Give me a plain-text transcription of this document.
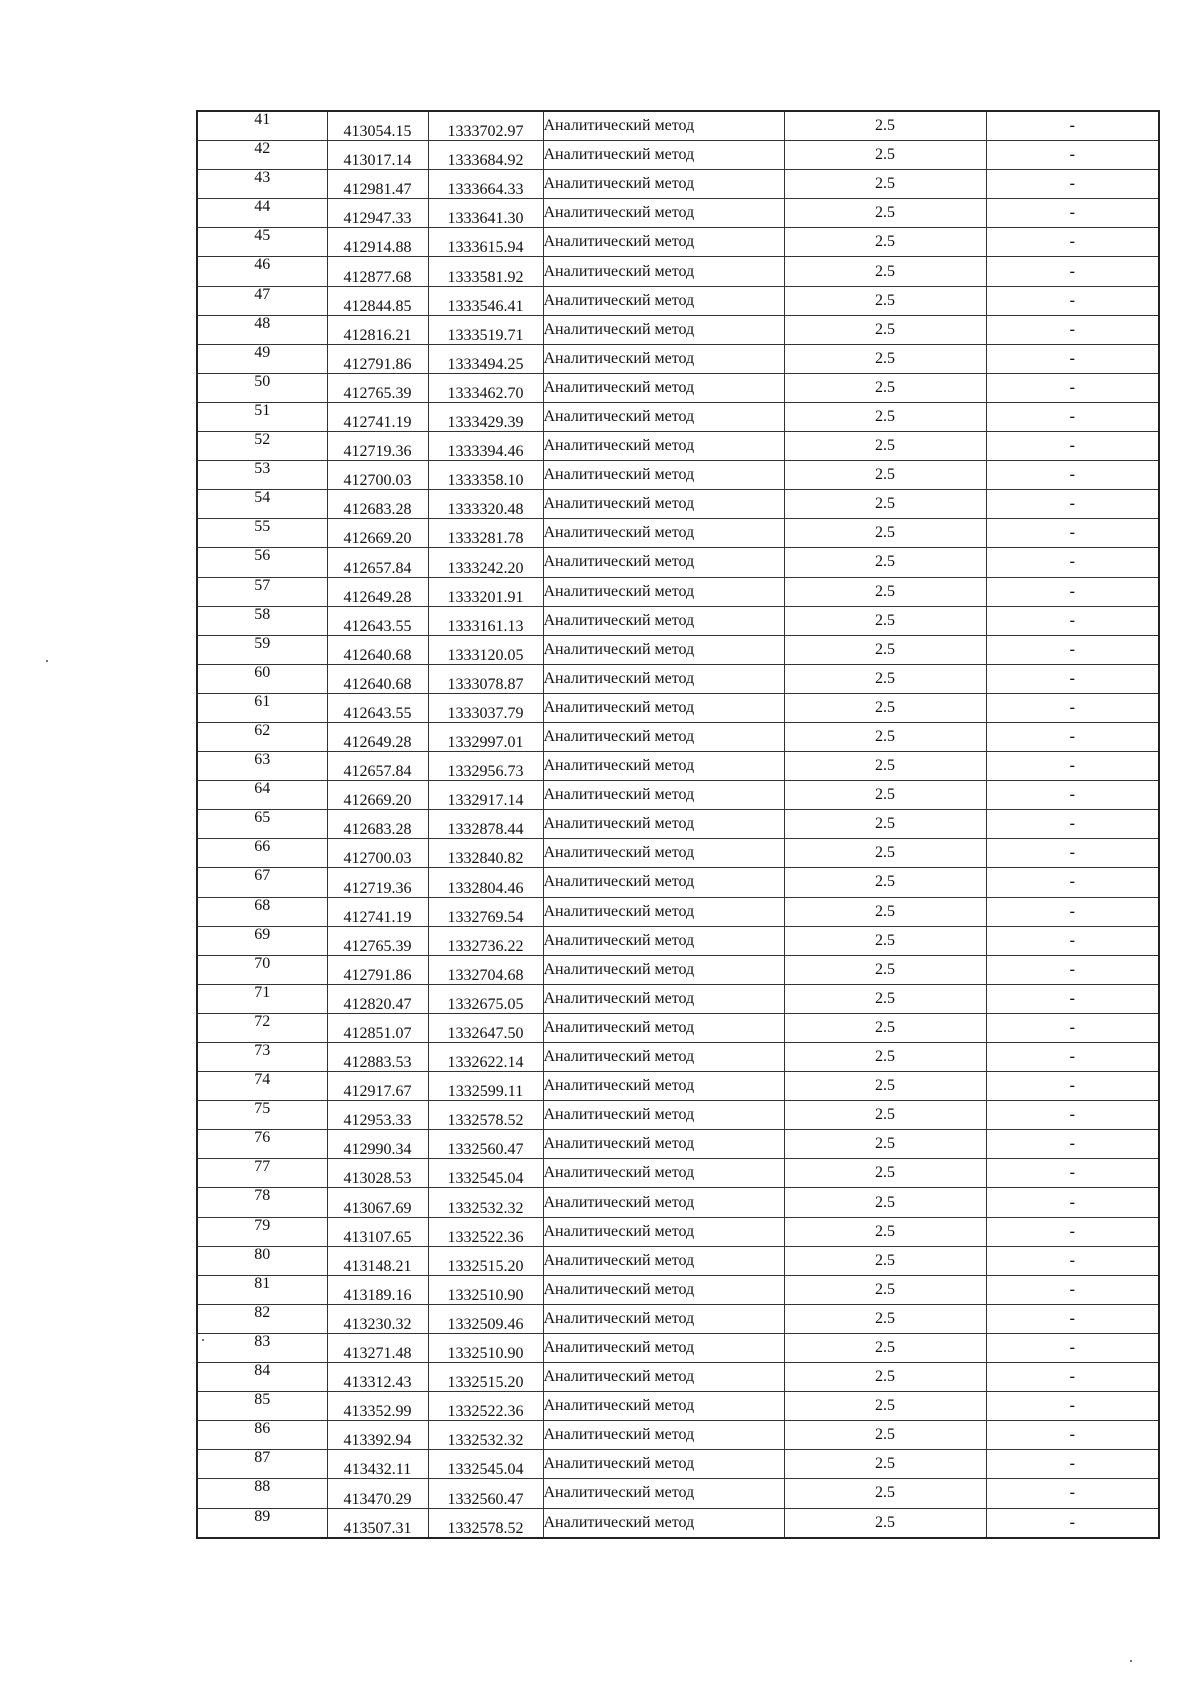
41	413054.15	1333702.97	Аналитический метод	2.5	-
42	413017.14	1333684.92	Аналитический метод	2.5	-
43	412981.47	1333664.33	Аналитический метод	2.5	-
44	412947.33	1333641.30	Аналитический метод	2.5	-
45	412914.88	1333615.94	Аналитический метод	2.5	-
46	412877.68	1333581.92	Аналитический метод	2.5	-
47	412844.85	1333546.41	Аналитический метод	2.5	-
48	412816.21	1333519.71	Аналитический метод	2.5	-
49	412791.86	1333494.25	Аналитический метод	2.5	-
50	412765.39	1333462.70	Аналитический метод	2.5	-
51	412741.19	1333429.39	Аналитический метод	2.5	-
52	412719.36	1333394.46	Аналитический метод	2.5	-
53	412700.03	1333358.10	Аналитический метод	2.5	-
54	412683.28	1333320.48	Аналитический метод	2.5	-
55	412669.20	1333281.78	Аналитический метод	2.5	-
56	412657.84	1333242.20	Аналитический метод	2.5	-
57	412649.28	1333201.91	Аналитический метод	2.5	-
58	412643.55	1333161.13	Аналитический метод	2.5	-
59	412640.68	1333120.05	Аналитический метод	2.5	-
60	412640.68	1333078.87	Аналитический метод	2.5	-
61	412643.55	1333037.79	Аналитический метод	2.5	-
62	412649.28	1332997.01	Аналитический метод	2.5	-
63	412657.84	1332956.73	Аналитический метод	2.5	-
64	412669.20	1332917.14	Аналитический метод	2.5	-
65	412683.28	1332878.44	Аналитический метод	2.5	-
66	412700.03	1332840.82	Аналитический метод	2.5	-
67	412719.36	1332804.46	Аналитический метод	2.5	-
68	412741.19	1332769.54	Аналитический метод	2.5	-
69	412765.39	1332736.22	Аналитический метод	2.5	-
70	412791.86	1332704.68	Аналитический метод	2.5	-
71	412820.47	1332675.05	Аналитический метод	2.5	-
72	412851.07	1332647.50	Аналитический метод	2.5	-
73	412883.53	1332622.14	Аналитический метод	2.5	-
74	412917.67	1332599.11	Аналитический метод	2.5	-
75	412953.33	1332578.52	Аналитический метод	2.5	-
76	412990.34	1332560.47	Аналитический метод	2.5	-
77	413028.53	1332545.04	Аналитический метод	2.5	-
78	413067.69	1332532.32	Аналитический метод	2.5	-
79	413107.65	1332522.36	Аналитический метод	2.5	-
80	413148.21	1332515.20	Аналитический метод	2.5	-
81	413189.16	1332510.90	Аналитический метод	2.5	-
82	413230.32	1332509.46	Аналитический метод	2.5	-
83	413271.48	1332510.90	Аналитический метод	2.5	-
84	413312.43	1332515.20	Аналитический метод	2.5	-
85	413352.99	1332522.36	Аналитический метод	2.5	-
86	413392.94	1332532.32	Аналитический метод	2.5	-
87	413432.11	1332545.04	Аналитический метод	2.5	-
88	413470.29	1332560.47	Аналитический метод	2.5	-
89	413507.31	1332578.52	Аналитический метод	2.5	-
